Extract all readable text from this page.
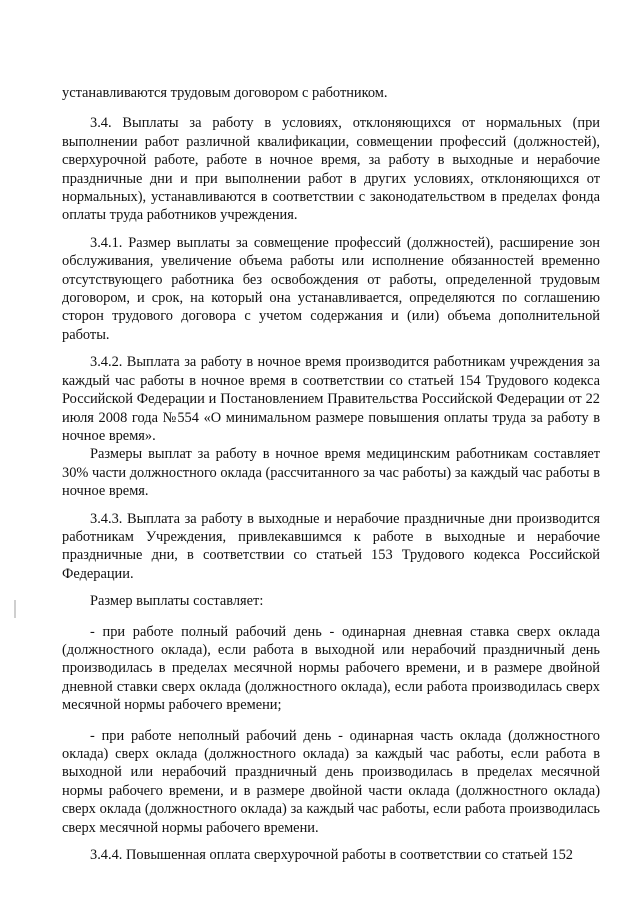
устанавливаются трудовым договором с работником.

3.4. Выплаты за работу в условиях, отклоняющихся от нормальных (при выполнении работ различной квалификации, совмещении профессий (должностей), сверхурочной работе, работе в ночное время, за работу в выходные и нерабочие праздничные дни и при выполнении работ в других условиях, отклоняющихся от нормальных), устанавливаются в соответствии с законодательством в пределах фонда оплаты труда работников учреждения.

3.4.1. Размер выплаты за совмещение профессий (должностей), расширение зон обслуживания, увеличение объема работы или исполнение обязанностей временно отсутствующего работника без освобождения от работы, определенной трудовым договором, и срок, на который она устанавливается, определяются по соглашению сторон трудового договора с учетом содержания и (или) объема дополнительной работы.

3.4.2. Выплата за работу в ночное время производится работникам учреждения за каждый час работы в ночное время в соответствии со статьей 154 Трудового кодекса Российской Федерации и Постановлением Правительства Российской Федерации от 22 июля 2008 года №554 «О минимальном размере повышения оплаты труда за работу в ночное время».

Размеры выплат за работу в ночное время медицинским работникам составляет 30% части должностного оклада (рассчитанного за час работы) за каждый час работы в ночное время.

3.4.3. Выплата за работу в выходные и нерабочие праздничные дни производится работникам Учреждения, привлекавшимся к работе в выходные и нерабочие праздничные дни, в соответствии со статьей 153 Трудового кодекса Российской Федерации.

Размер выплаты составляет:

- при работе полный рабочий день - одинарная дневная ставка сверх оклада (должностного оклада), если работа в выходной или нерабочий праздничный день производилась в пределах месячной нормы рабочего времени, и в размере двойной дневной ставки сверх оклада (должностного оклада), если работа производилась сверх месячной нормы рабочего времени;

- при работе неполный рабочий день - одинарная часть оклада (должностного оклада) сверх оклада (должностного оклада) за каждый час работы, если работа в выходной или нерабочий праздничный день производилась в пределах месячной нормы рабочего времени, и в размере двойной части оклада (должностного оклада) сверх оклада (должностного оклада) за каждый час работы, если работа производилась сверх месячной нормы рабочего времени.

3.4.4. Повышенная оплата сверхурочной работы в соответствии со статьей 152
